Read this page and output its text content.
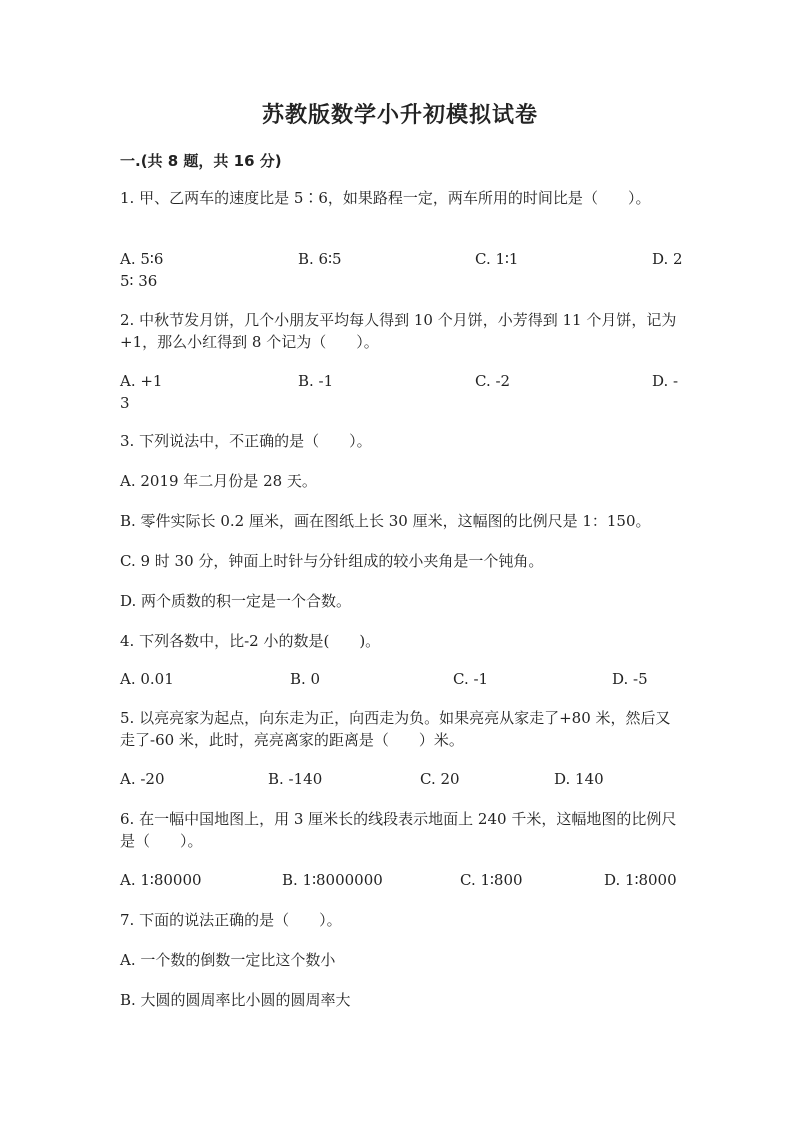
苏教版数学小升初模拟试卷
一.(共 8 题，共 16 分)
1. 甲、乙两车的速度比是 5∶6，如果路程一定，两车所用的时间比是（　　）。
A. 5∶6	B. 6∶5	C. 1∶1	D. 2
5∶ 36
2. 中秋节发月饼，几个小朋友平均每人得到 10 个月饼，小芳得到 11 个月饼，记为+1，那么小红得到 8 个记为（　　）。
A. +1	B. -1	C. -2	D. -
3
3. 下列说法中，不正确的是（　　）。
A. 2019 年二月份是 28 天。
B. 零件实际长 0.2 厘米，画在图纸上长 30 厘米，这幅图的比例尺是 1：150。
C. 9 时 30 分，钟面上时针与分针组成的较小夹角是一个钝角。
D. 两个质数的积一定是一个合数。
4. 下列各数中，比-2 小的数是(　　)。
A. 0.01	B. 0	C. -1	D. -5
5. 以亮亮家为起点，向东走为正，向西走为负。如果亮亮从家走了+80 米，然后又走了-60 米，此时，亮亮离家的距离是（　　）米。
A. -20	B. -140	C. 20	D. 140
6. 在一幅中国地图上，用 3 厘米长的线段表示地面上 240 千米，这幅地图的比例尺是（　　）。
A. 1∶80000	B. 1∶8000000	C. 1∶800	D. 1∶8000
7. 下面的说法正确的是（　　）。
A. 一个数的倒数一定比这个数小
B. 大圆的圆周率比小圆的圆周率大
